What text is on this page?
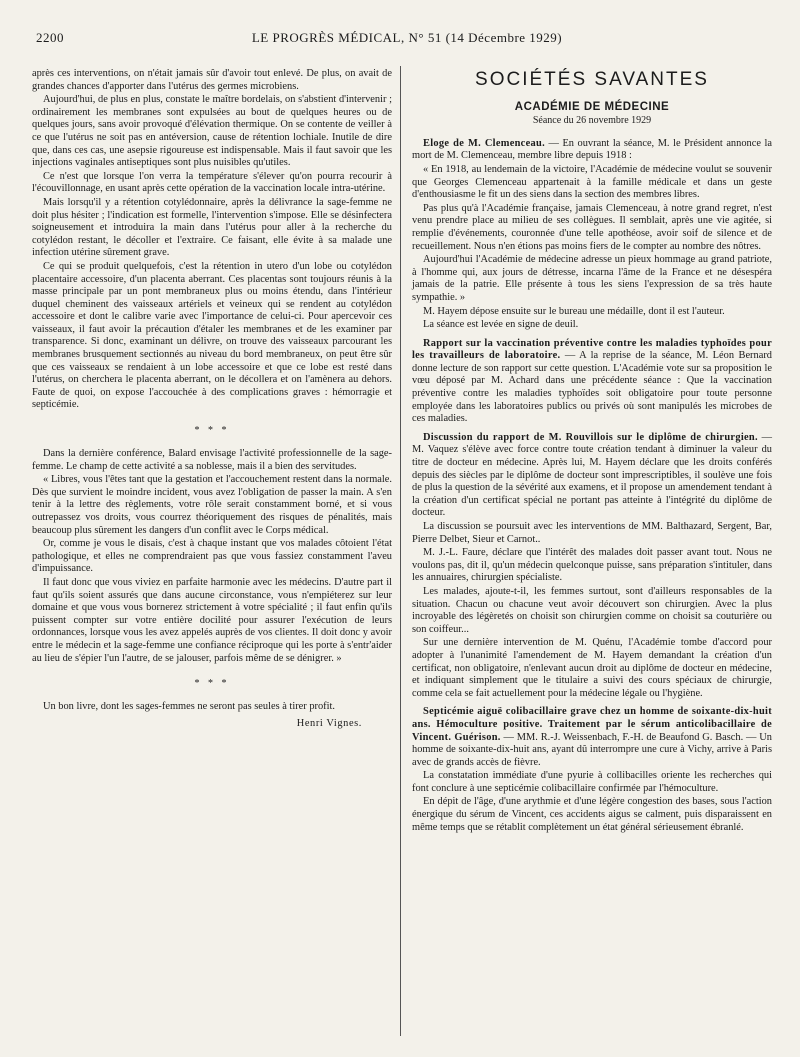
2200	LE PROGRÈS MÉDICAL, N° 51 (14 Décembre 1929)

après ces interventions, on n'était jamais sûr d'avoir tout enlevé. De plus, on avait de grandes chances d'apporter dans l'utérus des germes microbiens.

Aujourd'hui, de plus en plus, constate le maître bordelais, on s'abstient d'intervenir ; ordinairement les membranes sont expulsées au bout de quelques heures ou de quelques jours, sans avoir provoqué d'élévation thermique. On se contente de veiller à ce que l'utérus ne soit pas en antéversion, cause de rétention lochiale. Inutile de dire que, dans ces cas, une asepsie rigoureuse est indispensable. Mais il faut savoir que les injections vaginales antiseptiques sont plus nuisibles qu'utiles.

Ce n'est que lorsque l'on verra la température s'élever qu'on pourra recourir à l'écouvillonnage, en usant après cette opération de la vaccination locale intra-utérine.

Mais lorsqu'il y a rétention cotylédonnaire, après la délivrance la sage-femme ne doit plus hésiter ; l'indication est formelle, l'intervention s'impose. Elle se désinfectera soigneusement et introduira la main dans l'utérus pour aller à la recherche du cotylédon restant, le décoller et l'extraire. Ce faisant, elle évite à sa malade une infection utérine sûrement grave.

Ce qui se produit quelquefois, c'est la rétention in utero d'un lobe ou cotylédon placentaire accessoire, d'un placenta aberrant. Ces placentas sont toujours réunis à la masse principale par un pont membraneux plus ou moins étendu, dans l'intérieur duquel cheminent des vaisseaux artériels et veineux qui se rendent au cotylédon accessoire et dont le calibre varie avec l'importance de celui-ci. Pour apercevoir ces vaisseaux, il faut avoir la précaution d'étaler les membranes et de les examiner par transparence. Si donc, examinant un délivre, on trouve des vaisseaux parcourant les membranes brusquement sectionnés au niveau du bord membraneux, on peut être sûr que ces vaisseaux se rendaient à un lobe accessoire et que ce lobe est resté dans l'utérus, on cherchera le placenta aberrant, on le décollera et on l'amènera au dehors. Faute de quoi, on expose l'accouchée à des complications graves : hémorragie et septicémie.

* * *

Dans la dernière conférence, Balard envisage l'activité professionnelle de la sage-femme. Le champ de cette activité a sa noblesse, mais il a bien des servitudes.

« Libres, vous l'êtes tant que la gestation et l'accouchement restent dans la normale. Dès que survient le moindre incident, vous avez l'obligation de passer la main. A s'en tenir à la lettre des règlements, votre rôle serait constamment borné, et si vous outrepassez vos droits, vous courrez théoriquement des risques de pénalités, mais beaucoup plus sûrement les dangers d'un conflit avec le Corps médical.

Or, comme je vous le disais, c'est à chaque instant que vos malades côtoient l'état pathologique, et elles ne comprendraient pas que vous fassiez constamment l'aveu d'impuissance.

Il faut donc que vous viviez en parfaite harmonie avec les médecins. D'autre part il faut qu'ils soient assurés que dans aucune circonstance, vous n'empiéterez sur leur domaine et que vous vous bornerez strictement à votre spécialité ; il faut enfin qu'ils puissent compter sur votre entière docilité pour assurer l'exécution de leurs ordonnances, lorsque vous les avez appelés auprès de vos clientes. Il doit donc y avoir entre le médecin et la sage-femme une confiance réciproque qui les porte à s'entr'aider au lieu de s'épier l'un l'autre, de se jalouser, parfois même de se dénigrer. »

* * *

Un bon livre, dont les sages-femmes ne seront pas seules à tirer profit.

Henri Vignes.
SOCIÉTÉS SAVANTES
ACADÉMIE DE MÉDECINE
Séance du 26 novembre 1929

Eloge de M. Clemenceau. — En ouvrant la séance, M. le Président annonce la mort de M. Clemenceau, membre libre depuis 1918 :

« En 1918, au lendemain de la victoire, l'Académie de médecine voulut se souvenir que Georges Clemenceau appartenait à la famille médicale et dans un geste d'enthousiasme le fit un des siens dans la section des membres libres.

Pas plus qu'à l'Académie française, jamais Clemenceau, à notre grand regret, n'est venu prendre place au milieu de ses collègues. Il semblait, après une vie agitée, si remplie d'événements, couronnée d'une telle apothéose, avoir soif de silence et de recueillement. Nous n'en étions pas moins fiers de le compter au nombre des nôtres.

Aujourd'hui l'Académie de médecine adresse un pieux hommage au grand patriote, à l'homme qui, aux jours de détresse, incarna l'âme de la France et ne désespéra jamais de la patrie. Elle présente à tous les siens l'expression de sa très haute sympathie. »

M. Hayem dépose ensuite sur le bureau une médaille, dont il est l'auteur.

La séance est levée en signe de deuil.

Rapport sur la vaccination préventive contre les maladies typhoïdes pour les travailleurs de laboratoire. — A la reprise de la séance, M. Léon Bernard donne lecture de son rapport sur cette question. L'Académie vote sur sa proposition le vœu déposé par M. Achard dans une précédente séance : Que la vaccination préventive contre les maladies typhoïdes soit obligatoire pour toute personne employée dans les laboratoires publics ou privés où sont manipulés les microbes de ces maladies.

Discussion du rapport de M. Rouvillois sur le diplôme de chirurgien. — M. Vaquez s'élève avec force contre toute création tendant à diminuer la valeur du titre de docteur en médecine. Après lui, M. Hayem déclare que les droits conférés depuis des siècles par le diplôme de docteur sont imprescriptibles, il soulève une fois de plus la question de la sévérité aux examens, et il propose un amendement tendant à la création d'un certificat spécial ne portant pas atteinte à l'intégrité du diplôme de docteur.

La discussion se poursuit avec les interventions de MM. Balthazard, Sergent, Bar, Pierre Delbet, Sieur et Carnot..

M. J.-L. Faure, déclare que l'intérêt des malades doit passer avant tout. Nous ne voulons pas, dit il, qu'un médecin quelconque puisse, sans préparation s'intituler, dans les annuaires, chirurgien spécialiste.

Les malades, ajoute-t-il, les femmes surtout, sont d'ailleurs responsables de la situation. Chacun ou chacune veut avoir découvert son chirurgien. Avec la plus incroyable des légèretés on choisit son chirurgien comme on choisit sa couturière ou son coiffeur...

Sur une dernière intervention de M. Quénu, l'Académie tombe d'accord pour adopter à l'unanimité l'amendement de M. Hayem demandant la création d'un certificat, non obligatoire, n'enlevant aucun droit au diplôme de docteur en médecine, et indiquant simplement que le titulaire a suivi des cours spéciaux de chirurgie, comme cela se fait actuellement pour la médecine légale ou l'hygiène.

Septicémie aiguë colibacillaire grave chez un homme de soixante-dix-huit ans. Hémoculture positive. Traitement par le sérum anticolibacillaire de Vincent. Guérison. — MM. R.-J. Weissenbach, F.-H. de Beaufond G. Basch. — Un homme de soixante-dix-huit ans, ayant dû interrompre une cure à Vichy, arrive à Paris avec de grands accès de fièvre.

La constatation immédiate d'une pyurie à collibacilles oriente les recherches qui font conclure à une septicémie colibacillaire confirmée par l'hémoculture.

En dépit de l'âge, d'une arythmie et d'une légère congestion des bases, sous l'action énergique du sérum de Vincent, ces accidents aigus se calment, puis disparaissent en même temps que se rétablit complètement un état général sérieusement ébranlé.
